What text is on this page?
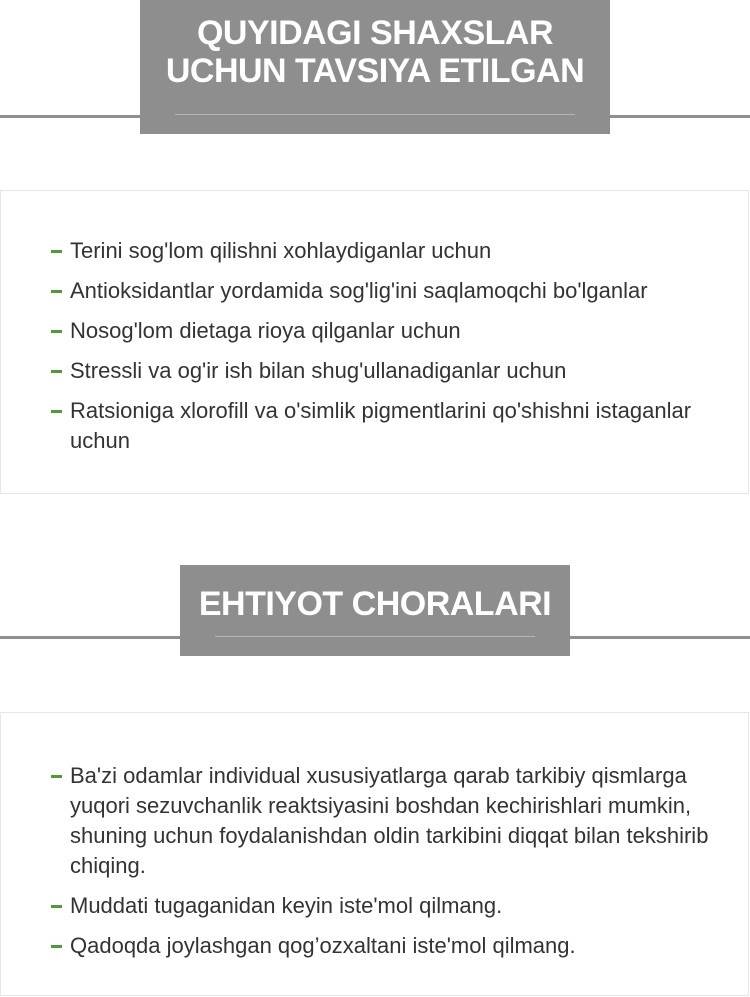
QUYIDAGI SHAXSLAR
UCHUN TAVSIYA ETILGAN
Terini sog'lom qilishni xohlaydiganlar uchun
Antioksidantlar yordamida sog'lig'ini saqlamoqchi bo'lganlar
Nosog'lom dietaga rioya qilganlar uchun
Stressli va og'ir ish bilan shug'ullanadiganlar uchun
Ratsioniga xlorofill va o'simlik pigmentlarini qo'shishni istaganlar uchun
EHTIYOT CHORALARI
Ba'zi odamlar individual xususiyatlarga qarab tarkibiy qismlarga yuqori sezuvchanlik reaktsiyasini boshdan kechirishlari mumkin, shuning uchun foydalanishdan oldin tarkibini diqqat bilan tekshirib chiqing.
Muddati tugaganidan keyin iste'mol qilmang.
Qadoqda joylashgan qog’ozxaltani iste'mol qilmang.
